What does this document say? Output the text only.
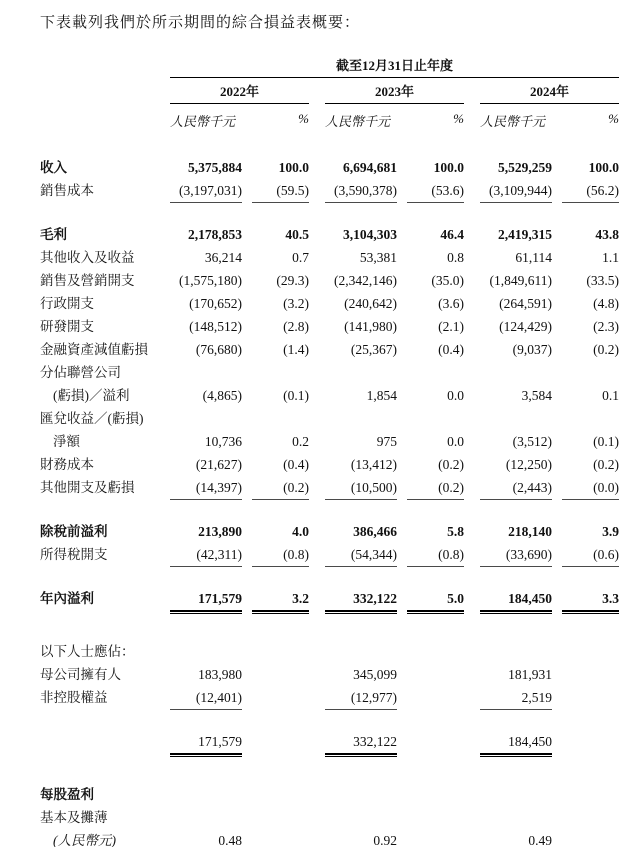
下表載列我們於所示期間的綜合損益表概要：
截至12月31日止年度
2022年	2023年	2024年
人民幣千元	% 人民幣千元	% 人民幣千元	%
收入	5,375,884	100.0	6,694,681	100.0	5,529,259	100.0
銷售成本	(3,197,031)	(59.5)	(3,590,378)	(53.6)	(3,109,944)	(56.2)
毛利	2,178,853	40.5	3,104,303	46.4	2,419,315	43.8
其他收入及收益	36,214	0.7	53,381	0.8	61,114	1.1
銷售及營銷開支	(1,575,180)	(29.3)	(2,342,146)	(35.0)	(1,849,611)	(33.5)
行政開支	(170,652)	(3.2)	(240,642)	(3.6)	(264,591)	(4.8)
研發開支	(148,512)	(2.8)	(141,980)	(2.1)	(124,429)	(2.3)
金融資產減值虧損	(76,680)	(1.4)	(25,367)	(0.4)	(9,037)	(0.2)
分佔聯營公司
(虧損)／溢利	(4,865)	(0.1)	1,854	0.0	3,584	0.1
匯兌收益／(虧損)
淨額	10,736	0.2	975	0.0	(3,512)	(0.1)
財務成本	(21,627)	(0.4)	(13,412)	(0.2)	(12,250)	(0.2)
其他開支及虧損	(14,397)	(0.2)	(10,500)	(0.2)	(2,443)	(0.0)
除稅前溢利	213,890	4.0	386,466	5.8	218,140	3.9
所得稅開支	(42,311)	(0.8)	(54,344)	(0.8)	(33,690)	(0.6)
年內溢利	171,579	3.2	332,122	5.0	184,450	3.3
以下人士應佔：
母公司擁有人	183,980	345,099	181,931
非控股權益	(12,401)	(12,977)	2,519
171,579	332,122	184,450
每股盈利
基本及攤薄
(人民幣元)	0.48	0.92	0.49
